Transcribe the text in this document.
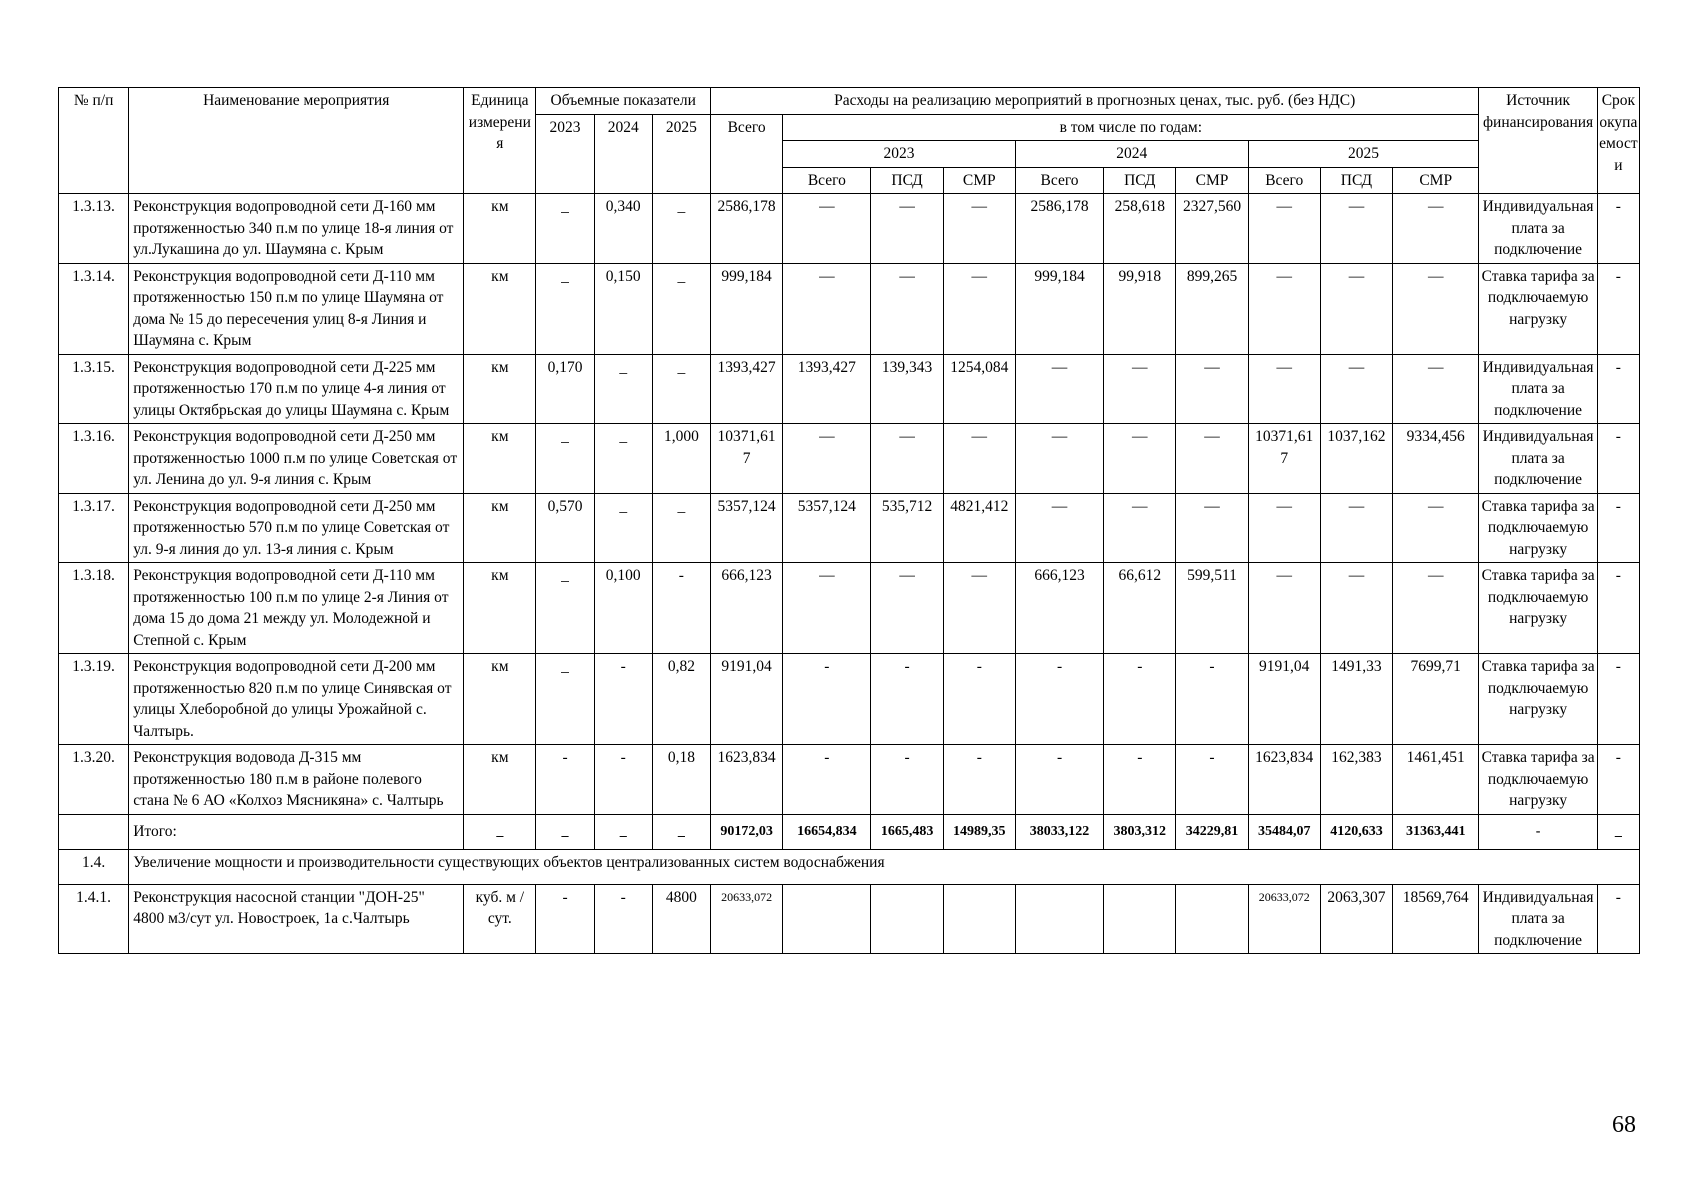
№ п/п	Наименование мероприятия	Единица измерения	Объемные показатели			Расходы на реализацию мероприятий в прогнозных ценах, тыс. руб. (без НДС)										Источник финансирования	Срок окупаемости
			2023	2024	2025	Всего	в том числе по годам:										
							2023			2024			2025				
							Всего	ПСД	СМР	Всего	ПСД	СМР	Всего	ПСД	СМР		
1.3.13.	Реконструкция водопроводной сети Д-160 мм протяженностью 340 п.м по улице 18-я линия от ул.Лукашина до ул. Шаумяна с. Крым	км	_	0,340	_	2586,178	—	—	—	2586,178	258,618	2327,560	—	—	—	Индивидуальная плата за подключение	-
1.3.14.	Реконструкция водопроводной сети Д-110 мм протяженностью 150 п.м по улице Шаумяна от дома № 15 до пересечения улиц 8-я Линия и Шаумяна с. Крым	км	_	0,150	_	999,184	—	—	—	999,184	99,918	899,265	—	—	—	Ставка тарифа за подключаемую нагрузку	-
1.3.15.	Реконструкция водопроводной сети Д-225 мм протяженностью 170 п.м по улице 4-я линия от улицы Октябрьская до улицы Шаумяна с. Крым	км	0,170	_	_	1393,427	1393,427	139,343	1254,084	—	—	—	—	—	—	Индивидуальная плата за подключение	-
1.3.16.	Реконструкция водопроводной сети Д-250 мм протяженностью 1000 п.м по улице Советская от ул. Ленина до ул. 9-я линия с. Крым	км	_	_	1,000	10371,617	—	—	—	—	—	—	10371,617	1037,162	9334,456	Индивидуальная плата за подключение	-
1.3.17.	Реконструкция водопроводной сети Д-250 мм протяженностью 570 п.м по улице Советская от ул. 9-я линия до ул. 13-я линия с. Крым	км	0,570	_	_	5357,124	5357,124	535,712	4821,412	—	—	—	—	—	—	Ставка тарифа за подключаемую нагрузку	-
1.3.18.	Реконструкция водопроводной сети Д-110 мм протяженностью 100 п.м по улице 2-я Линия от дома 15 до дома 21 между ул. Молодежной и Степной с. Крым	км	_	0,100	-	666,123	—	—	—	666,123	66,612	599,511	—	—	—	Ставка тарифа за подключаемую нагрузку	-
1.3.19.	Реконструкция водопроводной сети Д-200 мм протяженностью 820 п.м по улице Синявская от улицы Хлеборобной до улицы Урожайной с. Чалтырь.	км	_	-	0,82	9191,04	-	-	-	-	-	-	9191,04	1491,33	7699,71	Ставка тарифа за подключаемую нагрузку	-
1.3.20.	Реконструкция водовода Д-315 мм протяженностью 180 п.м в районе полевого стана № 6 АО «Колхоз Мясникяна» с. Чалтырь	км	-	-	0,18	1623,834	-	-	-	-	-	-	1623,834	162,383	1461,451	Ставка тарифа за подключаемую нагрузку	-
	Итого:	_	_	_	_	90172,03	16654,834	1665,483	14989,35	38033,122	3803,312	34229,81	35484,07	4120,633	31363,441	-	_
1.4.	Увеличение мощности и производительности существующих объектов централизованных систем водоснабжения																
1.4.1.	Реконструкция насосной станции "ДОН-25" 4800 м3/сут ул. Новостроек, 1а с.Чалтырь	куб. м / сут.	-	-	4800	20633,072							20633,072	2063,307	18569,764	Индивидуальная плата за подключение	-
68
